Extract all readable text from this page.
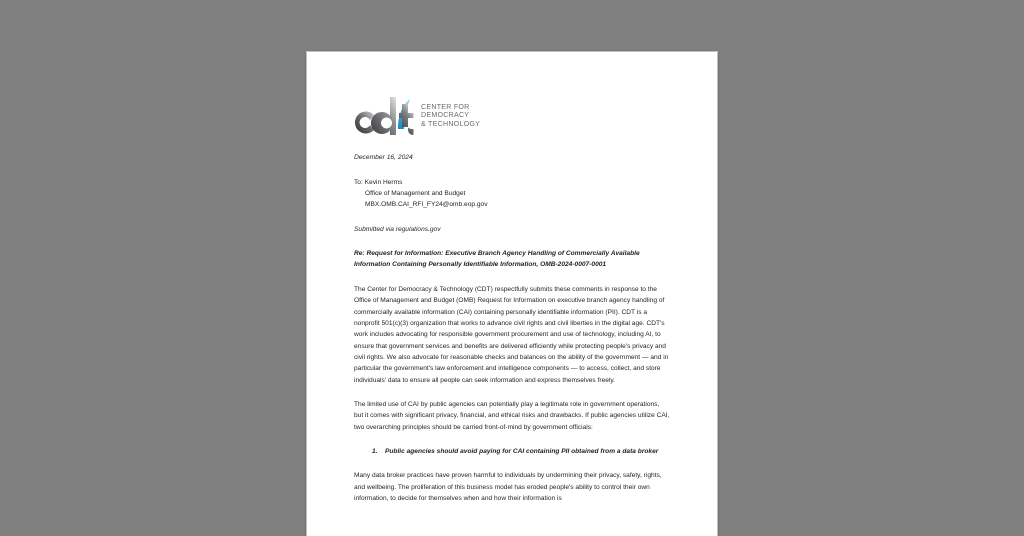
CENTER FOR
DEMOCRACY
& TECHNOLOGY

December 16, 2024

To: Kevin Herms

Office of Management and Budget

MBX.OMB.CAI_RFI_FY24@omb.eop.gov

Submitted via regulations.gov

Re: Request for Information: Executive Branch Agency Handling of Commercially Available Information Containing Personally Identifiable Information, OMB-2024-0007-0001

The Center for Democracy & Technology (CDT) respectfully submits these comments in response to the Office of Management and Budget (OMB) Request for Information on executive branch agency handling of commercially available information (CAI) containing personally identifiable information (PII). CDT is a nonprofit 501(c)(3) organization that works to advance civil rights and civil liberties in the digital age. CDT's work includes advocating for responsible government procurement and use of technology, including AI, to ensure that government services and benefits are delivered efficiently while protecting people's privacy and civil rights. We also advocate for reasonable checks and balances on the ability of the government — and in particular the government's law enforcement and intelligence components — to access, collect, and store individuals' data to ensure all people can seek information and express themselves freely.

The limited use of CAI by public agencies can potentially play a legitimate role in government operations, but it comes with significant privacy, financial, and ethical risks and drawbacks. If public agencies utilize CAI, two overarching principles should be carried front-of-mind by government officials:

1.	Public agencies should avoid paying for CAI containing PII obtained from a data broker

Many data broker practices have proven harmful to individuals by undermining their privacy, safety, rights, and wellbeing. The proliferation of this business model has eroded people's ability to control their own information, to decide for themselves when and how their information is
